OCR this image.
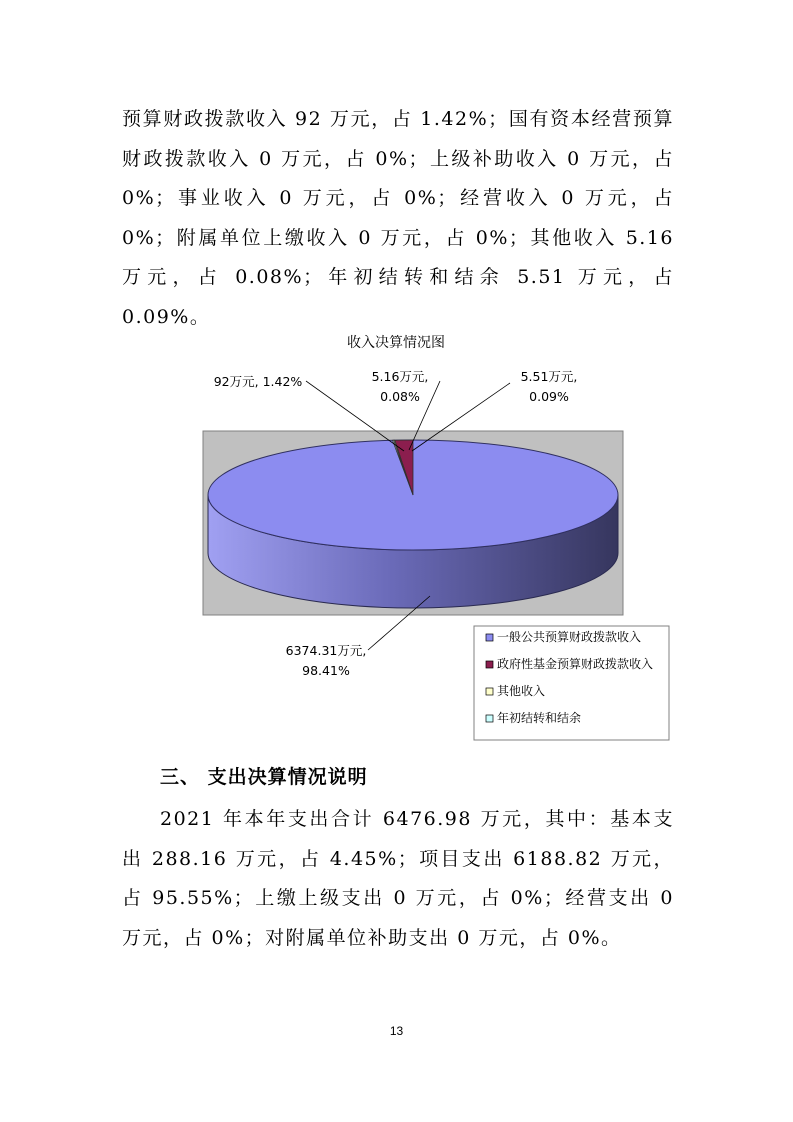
预算财政拨款收入 92 万元，占 1.42%；国有资本经营预算财政拨款收入 0 万元，占 0%；上级补助收入 0 万元，占 0%；事业收入 0 万元，占 0%；经营收入 0 万元，占 0%；附属单位上缴收入 0 万元，占 0%；其他收入 5.16 万元，占 0.08%；年初结转和结余 5.51 万元，占 0.09%。

收入决算情况图
6374.31万元,
98.41%
92万元, 1.42%	5.16万元,
0.08%
5.51万元,
0.09%
一般公共预算财政拨款收入
政府性基金预算财政拨款收入
其他收入
年初结转和结余
三、 支出决算情况说明

2021 年本年支出合计 6476.98 万元，其中：基本支出 288.16 万元，占 4.45%；项目支出 6188.82 万元，占 95.55%；上缴上级支出 0 万元，占 0%；经营支出 0 万元，占 0%；对附属单位补助支出 0 万元，占 0%。

13
